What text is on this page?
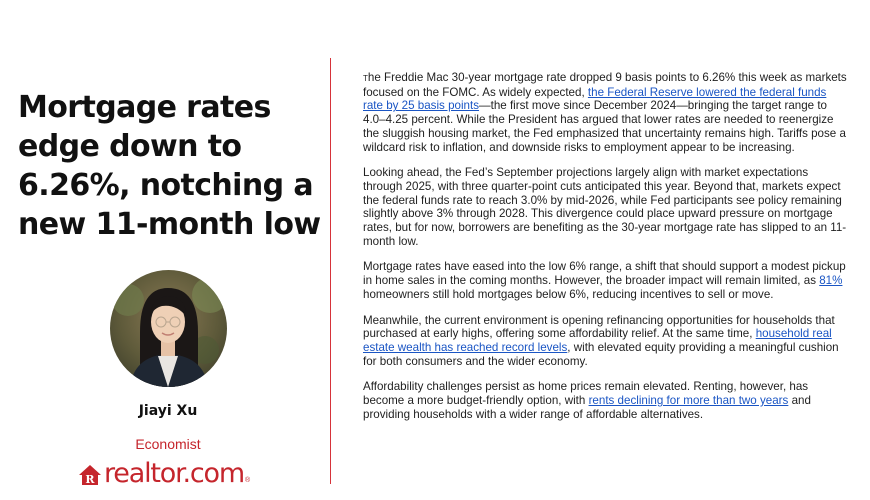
Mortgage rates edge down to 6.26%, notching a new 11-month low
Jiayi Xu
Economist
R realtor.com ®

The Freddie Mac 30-year mortgage rate dropped 9 basis points to 6.26% this week as markets focused on the FOMC. As widely expected, the Federal Reserve lowered the federal funds rate by 25 basis points—the first move since December 2024—bringing the target range to 4.0–4.25 percent. While the President has argued that lower rates are needed to reenergize the sluggish housing market, the Fed emphasized that uncertainty remains high. Tariffs pose a wildcard risk to inflation, and downside risks to employment appear to be increasing.

Looking ahead, the Fed’s September projections largely align with market expectations through 2025, with three quarter-point cuts anticipated this year. Beyond that, markets expect the federal funds rate to reach 3.0% by mid-2026, while Fed participants see policy remaining slightly above 3% through 2028. This divergence could place upward pressure on mortgage rates, but for now, borrowers are benefiting as the 30-year mortgage rate has slipped to an 11-month low.

Mortgage rates have eased into the low 6% range, a shift that should support a modest pickup in home sales in the coming months. However, the broader impact will remain limited, as 81% homeowners still hold mortgages below 6%, reducing incentives to sell or move.

Meanwhile, the current environment is opening refinancing opportunities for households that purchased at early highs, offering some affordability relief. At the same time, household real estate wealth has reached record levels, with elevated equity providing a meaningful cushion for both consumers and the wider economy.

Affordability challenges persist as home prices remain elevated. Renting, however, has become a more budget-friendly option, with rents declining for more than two years and providing households with a wider range of affordable alternatives.
